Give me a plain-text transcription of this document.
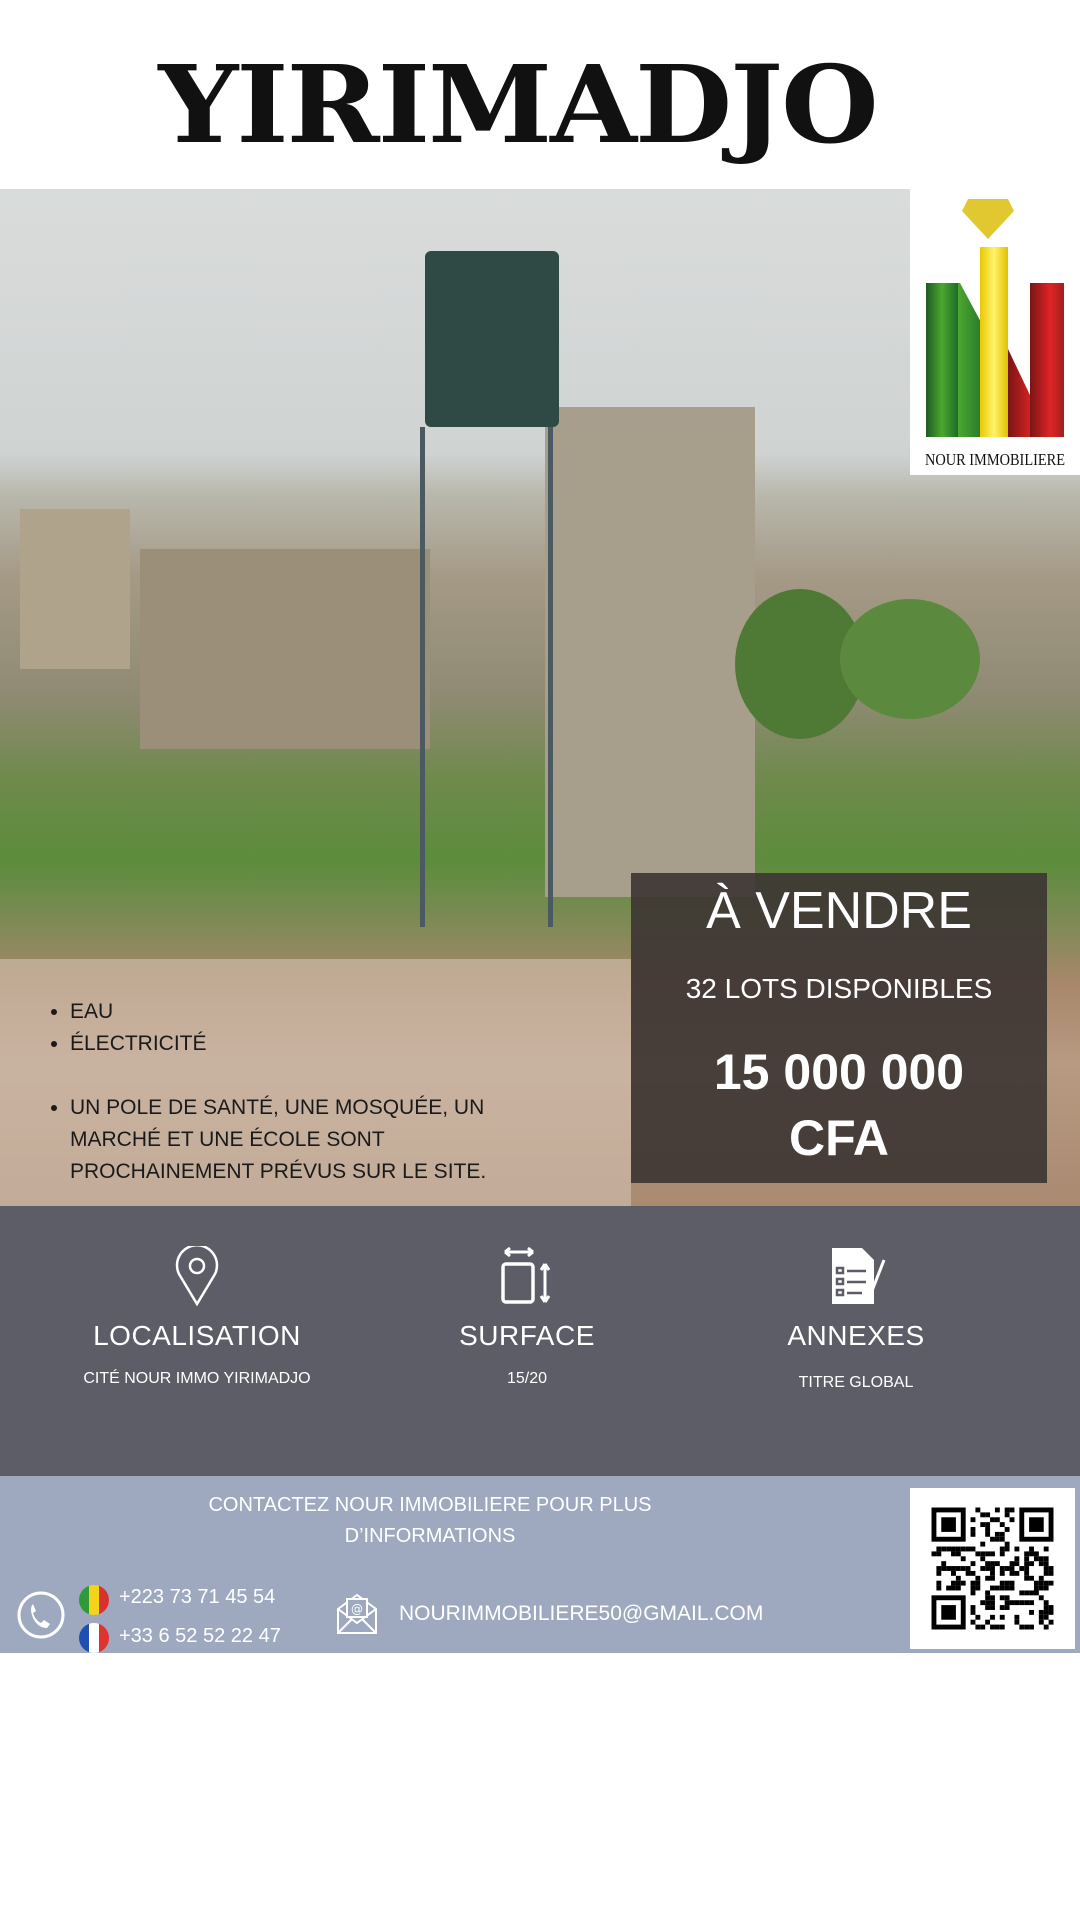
YIRIMADJO
NOUR IMMOBILIERE
• EAU
• ÉLECTRICITÉ
• UN POLE DE SANTÉ, UNE MOSQUÉE, UN MARCHÉ ET UNE ÉCOLE SONT PROCHAINEMENT PRÉVUS SUR LE SITE.
À VENDRE
32 LOTS DISPONIBLES
15 000 000
CFA
LOCALISATION
CITÉ NOUR IMMO YIRIMADJO
SURFACE
15/20
ANNEXES
TITRE GLOBAL
CONTACTEZ NOUR IMMOBILIERE POUR PLUS
D’INFORMATIONS
+223 73 71 45 54
+33 6 52 52 22 47
@ NOURIMMOBILIERE50@GMAIL.COM
